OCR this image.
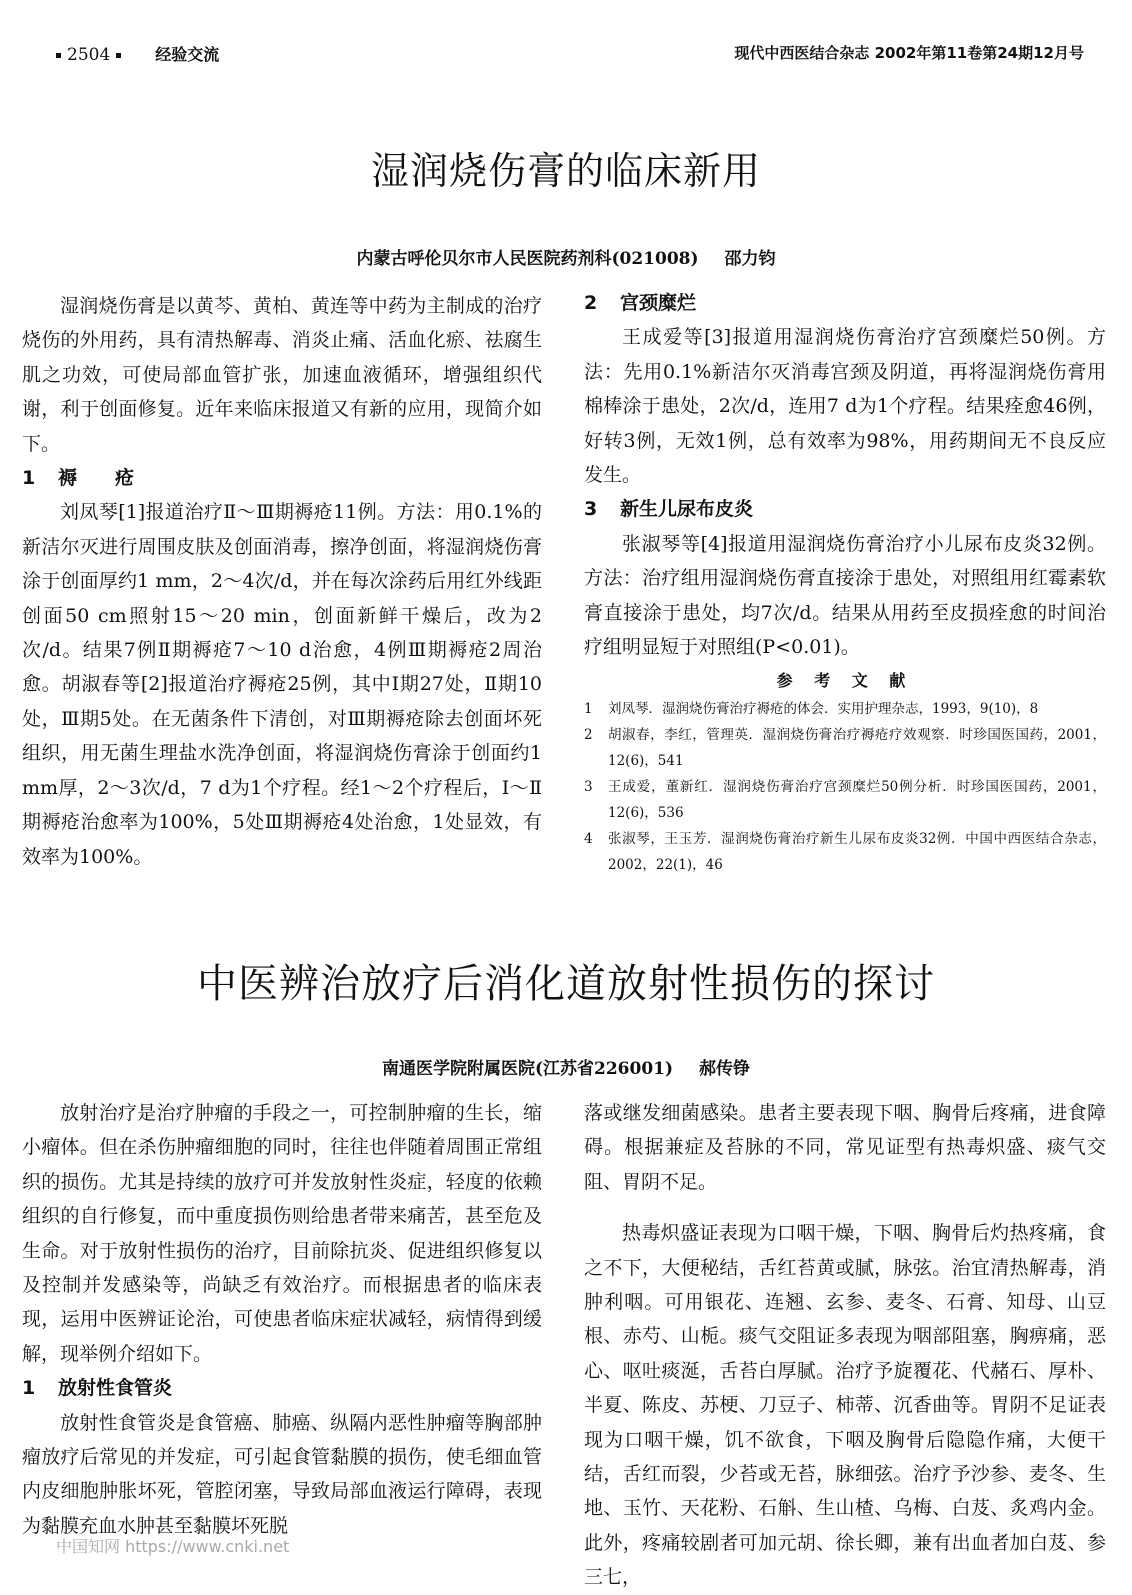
2504	经验交流	现代中西医结合杂志 2002年第11卷第24期12月号
湿润烧伤膏的临床新用
内蒙古呼伦贝尔市人民医院药剂科(021008) 邵力钧

湿润烧伤膏是以黄芩、黄柏、黄连等中药为主制成的治疗烧伤的外用药，具有清热解毒、消炎止痛、活血化瘀、祛腐生肌之功效，可使局部血管扩张，加速血液循环，增强组织代谢，利于创面修复。近年来临床报道又有新的应用，现简介如下。

1 褥　　疮

刘凤琴[1]报道治疗Ⅱ～Ⅲ期褥疮11例。方法：用0.1%的新洁尔灭进行周围皮肤及创面消毒，擦净创面，将湿润烧伤膏涂于创面厚约1 mm，2～4次/d，并在每次涂药后用红外线距创面50 cm照射15～20 min，创面新鲜干燥后，改为2次/d。结果7例Ⅱ期褥疮7～10 d治愈，4例Ⅲ期褥疮2周治愈。胡淑春等[2]报道治疗褥疮25例，其中Ⅰ期27处，Ⅱ期10处，Ⅲ期5处。在无菌条件下清创，对Ⅲ期褥疮除去创面坏死组织，用无菌生理盐水洗净创面，将湿润烧伤膏涂于创面约1 mm厚，2～3次/d，7 d为1个疗程。经1～2个疗程后，Ⅰ～Ⅱ期褥疮治愈率为100%，5处Ⅲ期褥疮4处治愈，1处显效，有效率为100%。

2 宫颈糜烂

王成爱等[3]报道用湿润烧伤膏治疗宫颈糜烂50例。方法：先用0.1%新洁尔灭消毒宫颈及阴道，再将湿润烧伤膏用棉棒涂于患处，2次/d，连用7 d为1个疗程。结果痊愈46例，好转3例，无效1例，总有效率为98%，用药期间无不良反应发生。

3 新生儿尿布皮炎

张淑琴等[4]报道用湿润烧伤膏治疗小儿尿布皮炎32例。方法：治疗组用湿润烧伤膏直接涂于患处，对照组用红霉素软膏直接涂于患处，均7次/d。结果从用药至皮损痊愈的时间治疗组明显短于对照组(P<0.01)。

参 考 文 献
1	刘凤琴．湿润烧伤膏治疗褥疮的体会．实用护理杂志，1993，9(10)，8
2	胡淑春，李红，管理英．湿润烧伤膏治疗褥疮疗效观察．时珍国医国药，2001，12(6)，541
3	王成爱，董新红．湿润烧伤膏治疗宫颈糜烂50例分析．时珍国医国药，2001，12(6)，536
4	张淑琴，王玉芳．湿润烧伤膏治疗新生儿尿布皮炎32例．中国中西医结合杂志，2002，22(1)，46
中医辨治放疗后消化道放射性损伤的探讨
南通医学院附属医院(江苏省226001) 郝传铮

放射治疗是治疗肿瘤的手段之一，可控制肿瘤的生长，缩小瘤体。但在杀伤肿瘤细胞的同时，往往也伴随着周围正常组织的损伤。尤其是持续的放疗可并发放射性炎症，轻度的依赖组织的自行修复，而中重度损伤则给患者带来痛苦，甚至危及生命。对于放射性损伤的治疗，目前除抗炎、促进组织修复以及控制并发感染等，尚缺乏有效治疗。而根据患者的临床表现，运用中医辨证论治，可使患者临床症状减轻，病情得到缓解，现举例介绍如下。

1 放射性食管炎

放射性食管炎是食管癌、肺癌、纵隔内恶性肿瘤等胸部肿瘤放疗后常见的并发症，可引起食管黏膜的损伤，使毛细血管内皮细胞肿胀坏死，管腔闭塞，导致局部血液运行障碍，表现为黏膜充血水肿甚至黏膜坏死脱

落或继发细菌感染。患者主要表现下咽、胸骨后疼痛，进食障碍。根据兼症及苔脉的不同，常见证型有热毒炽盛、痰气交阻、胃阴不足。

热毒炽盛证表现为口咽干燥，下咽、胸骨后灼热疼痛，食之不下，大便秘结，舌红苔黄或腻，脉弦。治宜清热解毒，消肿利咽。可用银花、连翘、玄参、麦冬、石膏、知母、山豆根、赤芍、山栀。痰气交阻证多表现为咽部阻塞，胸痹痛，恶心、呕吐痰涎，舌苔白厚腻。治疗予旋覆花、代赭石、厚朴、半夏、陈皮、苏梗、刀豆子、柿蒂、沉香曲等。胃阴不足证表现为口咽干燥，饥不欲食，下咽及胸骨后隐隐作痛，大便干结，舌红而裂，少苔或无苔，脉细弦。治疗予沙参、麦冬、生地、玉竹、天花粉、石斛、生山楂、乌梅、白芨、炙鸡内金。此外，疼痛较剧者可加元胡、徐长卿，兼有出血者加白芨、参三七，

中国知网 https://www.cnki.net
